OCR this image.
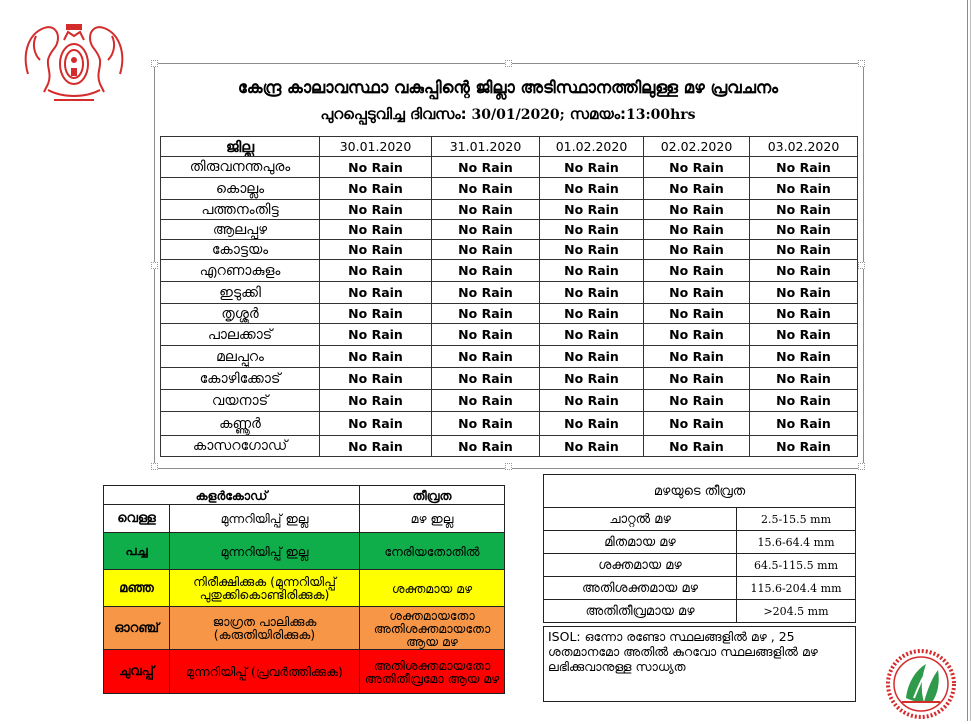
കേന്ദ്ര കാലാവസ്ഥാ വകുപ്പിന്റെ ജില്ലാ അടിസ്ഥാനത്തിലുള്ള മഴ പ്രവചനം
പുറപ്പെടുവിച്ച ദിവസം: 30/01/2020; സമയം:13:00hrs
ജില്ല	30.01.2020	31.01.2020	01.02.2020	02.02.2020	03.02.2020
തിരുവനന്തപുരം	No Rain	No Rain	No Rain	No Rain	No Rain
കൊല്ലം	No Rain	No Rain	No Rain	No Rain	No Rain
പത്തനംതിട്ട	No Rain	No Rain	No Rain	No Rain	No Rain
ആലപ്പുഴ	No Rain	No Rain	No Rain	No Rain	No Rain
കോട്ടയം	No Rain	No Rain	No Rain	No Rain	No Rain
എറണാകുളം	No Rain	No Rain	No Rain	No Rain	No Rain
ഇടുക്കി	No Rain	No Rain	No Rain	No Rain	No Rain
തൃശ്ശൂർ	No Rain	No Rain	No Rain	No Rain	No Rain
പാലക്കാട്	No Rain	No Rain	No Rain	No Rain	No Rain
മലപ്പുറം	No Rain	No Rain	No Rain	No Rain	No Rain
കോഴിക്കോട്	No Rain	No Rain	No Rain	No Rain	No Rain
വയനാട്	No Rain	No Rain	No Rain	No Rain	No Rain
കണ്ണൂർ	No Rain	No Rain	No Rain	No Rain	No Rain
കാസറഗോഡ്	No Rain	No Rain	No Rain	No Rain	No Rain
കളർകോഡ്		തീവ്രത
വെള്ള	മുന്നറിയിപ്പ് ഇല്ല	മഴ ഇല്ല
പച്ച	മുന്നറിയിപ്പ് ഇല്ല	നേരിയതോതിൽ
മഞ്ഞ	നിരീക്ഷിക്കുക (മുന്നറിയിപ്പ് പുതുക്കികൊണ്ടിരിക്കുക)	ശക്തമായ മഴ
ഓറഞ്ച്	ജാഗ്രത പാലിക്കുക (കരുതിയിരിക്കുക)	ശക്തമായതോ അതിശക്തമായതോ ആയ മഴ
ചുവപ്പ്	മുന്നറിയിപ്പ് (പ്രവർത്തിക്കുക)	അതിശക്തമായതോ അതിതീവ്രമോ ആയ മഴ
മഴയുടെ തീവ്രത	
ചാറ്റൽ മഴ	2.5-15.5 mm
മിതമായ മഴ	15.6-64.4 mm
ശക്തമായ മഴ	64.5-115.5 mm
അതിശക്തമായ മഴ	115.6-204.4 mm
അതിതീവ്രമായ മഴ	>204.5 mm
ISOL: ഒന്നോ രണ്ടോ സ്ഥലങ്ങളിൽ മഴ , 25 ശതമാനമോ അതിൽ കുറവോ സ്ഥലങ്ങളിൽ മഴ ലഭിക്കുവാനുള്ള സാധ്യത
